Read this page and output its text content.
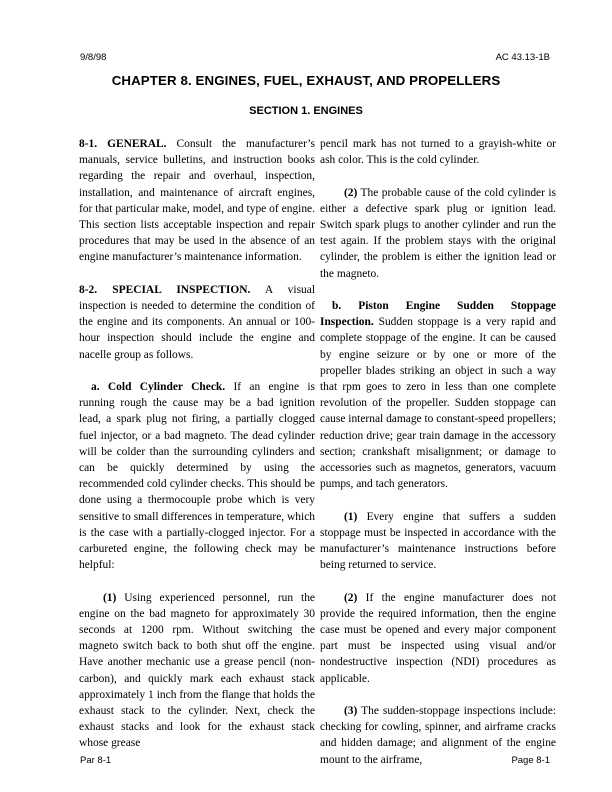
9/8/98	AC 43.13-1B
CHAPTER 8. ENGINES, FUEL, EXHAUST, AND PROPELLERS
SECTION 1. ENGINES

8-1. GENERAL. Consult the manufacturer’s manuals, service bulletins, and instruction books regarding the repair and overhaul, inspection, installation, and maintenance of aircraft engines, for that particular make, model, and type of engine. This section lists acceptable inspection and repair procedures that may be used in the absence of an engine manufacturer’s maintenance information.

8-2. SPECIAL INSPECTION. A visual inspection is needed to determine the condition of the engine and its components. An annual or 100-hour inspection should include the engine and nacelle group as follows.

a. Cold Cylinder Check. If an engine is running rough the cause may be a bad ignition lead, a spark plug not firing, a partially clogged fuel injector, or a bad magneto. The dead cylinder will be colder than the surrounding cylinders and can be quickly determined by using the recommended cold cylinder checks. This should be done using a thermocouple probe which is very sensitive to small differences in temperature, which is the case with a partially-clogged injector. For a carbureted engine, the following check may be helpful:

(1) Using experienced personnel, run the engine on the bad magneto for approximately 30 seconds at 1200 rpm. Without switching the magneto switch back to both shut off the engine. Have another mechanic use a grease pencil (non-carbon), and quickly mark each exhaust stack approximately 1 inch from the flange that holds the exhaust stack to the cylinder. Next, check the exhaust stacks and look for the exhaust stack whose grease

pencil mark has not turned to a grayish-white or ash color. This is the cold cylinder.

(2) The probable cause of the cold cylinder is either a defective spark plug or ignition lead. Switch spark plugs to another cylinder and run the test again. If the problem stays with the original cylinder, the problem is either the ignition lead or the magneto.

b. Piston Engine Sudden Stoppage Inspection. Sudden stoppage is a very rapid and complete stoppage of the engine. It can be caused by engine seizure or by one or more of the propeller blades striking an object in such a way that rpm goes to zero in less than one complete revolution of the propeller. Sudden stoppage can cause internal damage to constant-speed propellers; reduction drive; gear train damage in the accessory section; crankshaft misalignment; or damage to accessories such as magnetos, generators, vacuum pumps, and tach generators.

(1) Every engine that suffers a sudden stoppage must be inspected in accordance with the manufacturer’s maintenance instructions before being returned to service.

(2) If the engine manufacturer does not provide the required information, then the engine case must be opened and every major component part must be inspected using visual and/or nondestructive inspection (NDI) procedures as applicable.

(3) The sudden-stoppage inspections include: checking for cowling, spinner, and airframe cracks and hidden damage; and alignment of the engine mount to the airframe,

Par 8-1	Page 8-1
